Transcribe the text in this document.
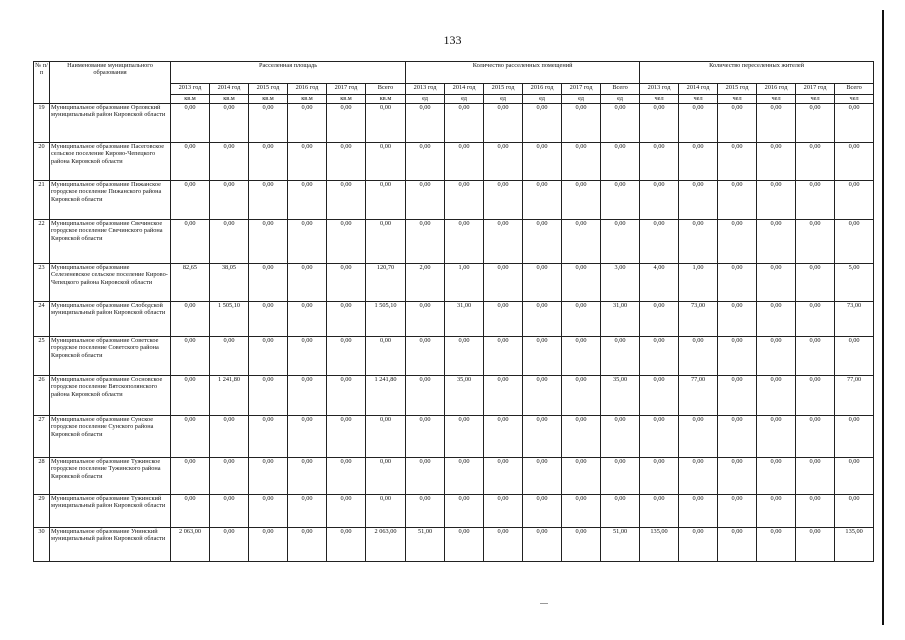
133
№ п/п	Наименование муниципального образования	Расселенная площадь						Количество расселенных помещений						Количество переселенных жителей					
		2013 год	2014 год	2015 год	2016 год	2017 год	Всего	2013 год	2014 год	2015 год	2016 год	2017 год	Всего	2013 год	2014 год	2015 год	2016 год	2017 год	Всего
		кв.м	кв.м	кв.м	кв.м	кв.м	кв.м	ед	ед	ед	ед	ед	ед	чел	чел	чел	чел	чел	чел
19	Муниципальное образование Орловский муниципальный район Кировской области	0,00	0,00	0,00	0,00	0,00	0,00	0,00	0,00	0,00	0,00	0,00	0,00	0,00	0,00	0,00	0,00	0,00	0,00
20	Муниципальное образование Пасеговское сельское поселение Кирово-Чепецкого района Кировской области	0,00	0,00	0,00	0,00	0,00	0,00	0,00	0,00	0,00	0,00	0,00	0,00	0,00	0,00	0,00	0,00	0,00	0,00
21	Муниципальное образование Пижанское городское поселение Пижанского района Кировской области	0,00	0,00	0,00	0,00	0,00	0,00	0,00	0,00	0,00	0,00	0,00	0,00	0,00	0,00	0,00	0,00	0,00	0,00
22	Муниципальное образование Свечинское городское поселение Свечинского района Кировской области	0,00	0,00	0,00	0,00	0,00	0,00	0,00	0,00	0,00	0,00	0,00	0,00	0,00	0,00	0,00	0,00	0,00	0,00
23	Муниципальное образование Селезеневское сельское поселение Кирово-Чепецкого района Кировской области	82,65	38,05	0,00	0,00	0,00	120,70	2,00	1,00	0,00	0,00	0,00	3,00	4,00	1,00	0,00	0,00	0,00	5,00
24	Муниципальное образование Слободской муниципальный район Кировской области	0,00	1 505,10	0,00	0,00	0,00	1 505,10	0,00	31,00	0,00	0,00	0,00	31,00	0,00	73,00	0,00	0,00	0,00	73,00
25	Муниципальное образование Советское городское поселение Советского района Кировской области	0,00	0,00	0,00	0,00	0,00	0,00	0,00	0,00	0,00	0,00	0,00	0,00	0,00	0,00	0,00	0,00	0,00	0,00
26	Муниципальное образование Сосновское городское поселение Вятскополянского района Кировской области	0,00	1 241,80	0,00	0,00	0,00	1 241,80	0,00	35,00	0,00	0,00	0,00	35,00	0,00	77,00	0,00	0,00	0,00	77,00
27	Муниципальное образование Сунское городское поселение Сунского района Кировской области	0,00	0,00	0,00	0,00	0,00	0,00	0,00	0,00	0,00	0,00	0,00	0,00	0,00	0,00	0,00	0,00	0,00	0,00
28	Муниципальное образование Тужинское городское поселение Тужинского района Кировской области	0,00	0,00	0,00	0,00	0,00	0,00	0,00	0,00	0,00	0,00	0,00	0,00	0,00	0,00	0,00	0,00	0,00	0,00
29	Муниципальное образование Тужинский муниципальный район Кировской области	0,00	0,00	0,00	0,00	0,00	0,00	0,00	0,00	0,00	0,00	0,00	0,00	0,00	0,00	0,00	0,00	0,00	0,00
30	Муниципальное образование Унинский муниципальный район Кировской области	2 063,00	0,00	0,00	0,00	0,00	2 063,00	51,00	0,00	0,00	0,00	0,00	51,00	135,00	0,00	0,00	0,00	0,00	135,00
